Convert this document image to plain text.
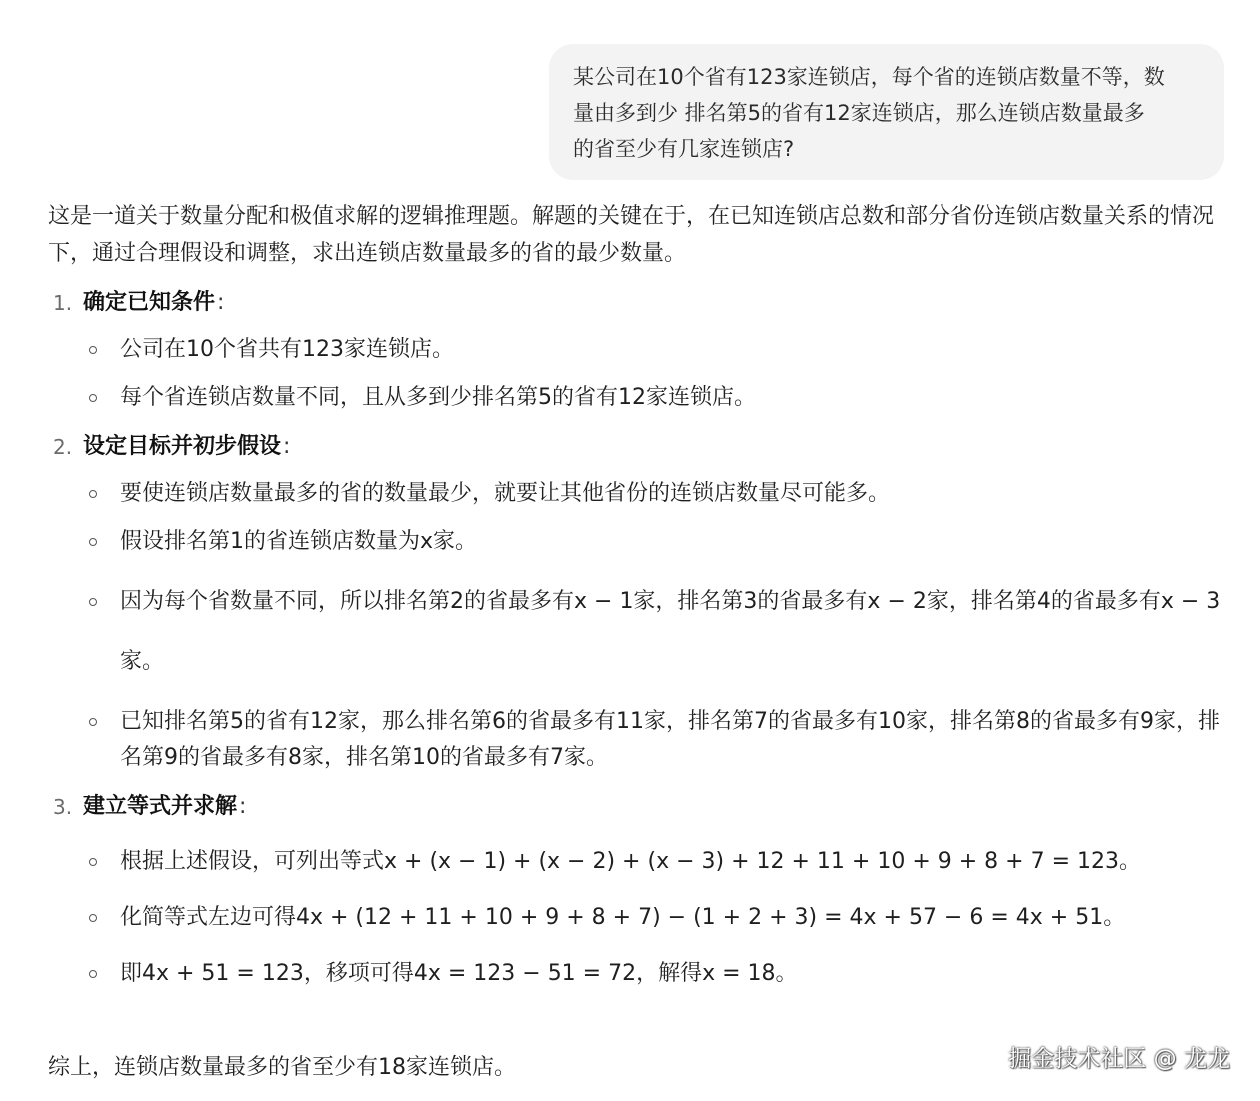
某公司在10个省有123家连锁店，每个省的连锁店数量不等，数
量由多到少 排名第5的省有12家连锁店，那么连锁店数量最多
的省至少有几家连锁店?

这是一道关于数量分配和极值求解的逻辑推理题。解题的关键在于，在已知连锁店总数和部分省份连锁店数量关系的情况下，通过合理假设和调整，求出连锁店数量最多的省的最少数量。

1. 确定已知条件:
公司在10个省共有123家连锁店。
每个省连锁店数量不同，且从多到少排名第5的省有12家连锁店。
2. 设定目标并初步假设:
要使连锁店数量最多的省的数量最少，就要让其他省份的连锁店数量尽可能多。
假设排名第1的省连锁店数量为x家。
因为每个省数量不同，所以排名第2的省最多有x − 1家，排名第3的省最多有x − 2家，排名第4的省最多有x − 3家。
已知排名第5的省有12家，那么排名第6的省最多有11家，排名第7的省最多有10家，排名第8的省最多有9家，排名第9的省最多有8家，排名第10的省最多有7家。
3. 建立等式并求解:
根据上述假设，可列出等式x + (x − 1) + (x − 2) + (x − 3) + 12 + 11 + 10 + 9 + 8 + 7 = 123。
化简等式左边可得4x + (12 + 11 + 10 + 9 + 8 + 7) − (1 + 2 + 3) = 4x + 57 − 6 = 4x + 51。
即4x + 51 = 123，移项可得4x = 123 − 51 = 72，解得x = 18。
综上，连锁店数量最多的省至少有18家连锁店。	掘金技术社区 @ 龙龙
